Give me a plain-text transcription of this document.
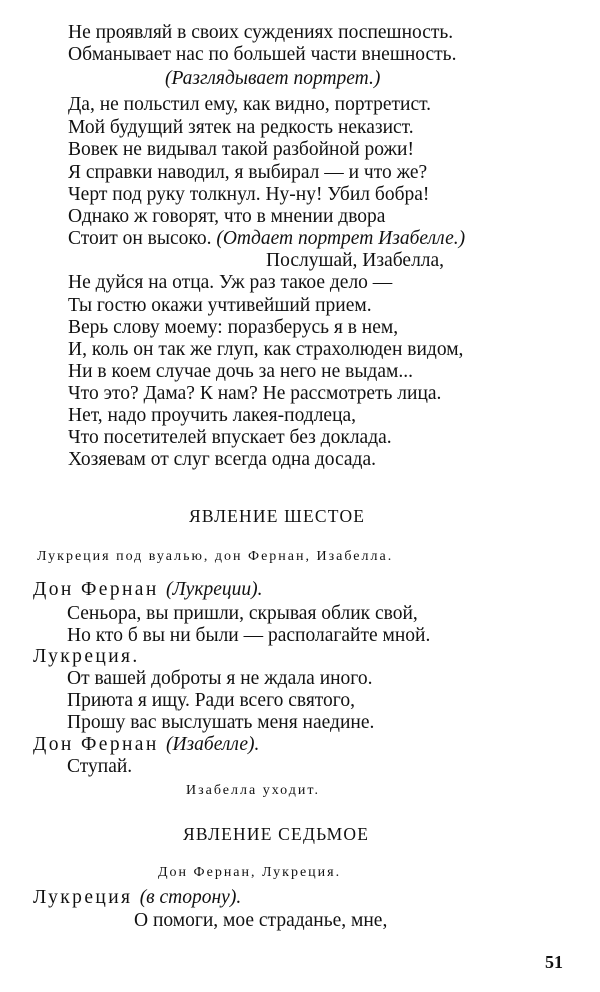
Не проявляй в своих суждениях поспешность.
Обманывает нас по большей части внешность.
(Разглядывает портрет.)
Да, не польстил ему, как видно, портретист.
Мой будущий зятек на редкость неказист.
Вовек не видывал такой разбойной рожи!
Я справки наводил, я выбирал — и что же?
Черт под руку толкнул. Ну-ну! Убил бобра!
Однако ж говорят, что в мнении двора
Стоит он высоко. (Отдает портрет Изабелле.)
Послушай, Изабелла,
Не дуйся на отца. Уж раз такое дело —
Ты гостю окажи учтивейший прием.
Верь слову моему: поразберусь я в нем,
И, коль он так же глуп, как страхолюден видом,
Ни в коем случае дочь за него не выдам...
Что это? Дама? К нам? Не рассмотреть лица.
Нет, надо проучить лакея-подлеца,
Что посетителей впускает без доклада.
Хозяевам от слуг всегда одна досада.
ЯВЛЕНИЕ ШЕСТОЕ
Лукреция под вуалью, дон Фернан, Изабелла.
Дон Фернан (Лукреции).
Сеньора, вы пришли, скрывая облик свой,
Но кто б вы ни были — располагайте мной.
Лукреция.
От вашей доброты я не ждала иного.
Приюта я ищу. Ради всего святого,
Прошу вас выслушать меня наедине.
Дон Фернан (Изабелле).
Ступай.
Изабелла уходит.
ЯВЛЕНИЕ СЕДЬМОЕ
Дон Фернан, Лукреция.
Лукреция (в сторону).
О помоги, мое страданье, мне,
51
